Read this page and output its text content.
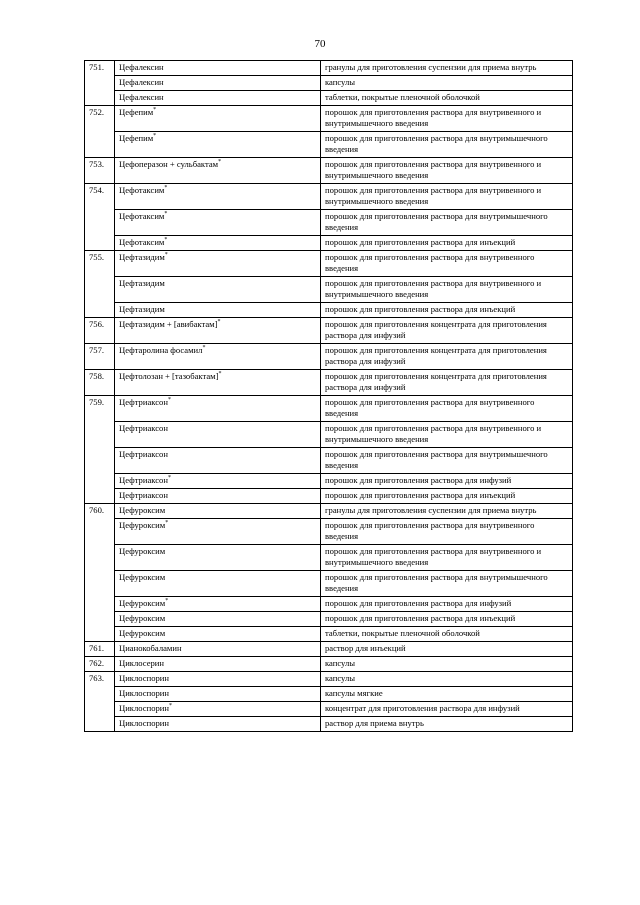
70
751.	Цефалексин	гранулы для приготовления суспензии для приема внутрь
	Цефалексин	капсулы
	Цефалексин	таблетки, покрытые пленочной оболочкой
752.	Цефепим*	порошок для приготовления раствора для внутривенного и внутримышечного введения
	Цефепим*	порошок для приготовления раствора для внутримышечного введения
753.	Цефоперазон + сульбактам*	порошок для приготовления раствора для внутривенного и внутримышечного введения
754.	Цефотаксим*	порошок для приготовления раствора для внутривенного и внутримышечного введения
	Цефотаксим*	порошок для приготовления раствора для внутримышечного введения
	Цефотаксим*	порошок для приготовления раствора для инъекций
755.	Цефтазидим*	порошок для приготовления раствора для внутривенного введения
	Цефтазидим	порошок для приготовления раствора для внутривенного и внутримышечного введения
	Цефтазидим	порошок для приготовления раствора для инъекций
756.	Цефтазидим + [авибактам]*	порошок для приготовления концентрата для приготовления раствора для инфузий
757.	Цефтаролина фосамил*	порошок для приготовления концентрата для приготовления раствора для инфузий
758.	Цефтолозан + [тазобактам]*	порошок для приготовления концентрата для приготовления раствора для инфузий
759.	Цефтриаксон*	порошок для приготовления раствора для внутривенного введения
	Цефтриаксон	порошок для приготовления раствора для внутривенного и внутримышечного введения
	Цефтриаксон	порошок для приготовления раствора для внутримышечного введения
	Цефтриаксон*	порошок для приготовления раствора для инфузий
	Цефтриаксон	порошок для приготовления раствора для инъекций
760.	Цефуроксим	гранулы для приготовления суспензии для приема внутрь
	Цефуроксим*	порошок для приготовления раствора для внутривенного введения
	Цефуроксим	порошок для приготовления раствора для внутривенного и внутримышечного введения
	Цефуроксим	порошок для приготовления раствора для внутримышечного введения
	Цефуроксим*	порошок для приготовления раствора для инфузий
	Цефуроксим	порошок для приготовления раствора для инъекций
	Цефуроксим	таблетки, покрытые пленочной оболочкой
761.	Цианокобаламин	раствор для инъекций
762.	Циклосерин	капсулы
763.	Циклоспорин	капсулы
	Циклоспорин	капсулы мягкие
	Циклоспорин*	концентрат для приготовления раствора для инфузий
	Циклоспорин	раствор для приема внутрь
